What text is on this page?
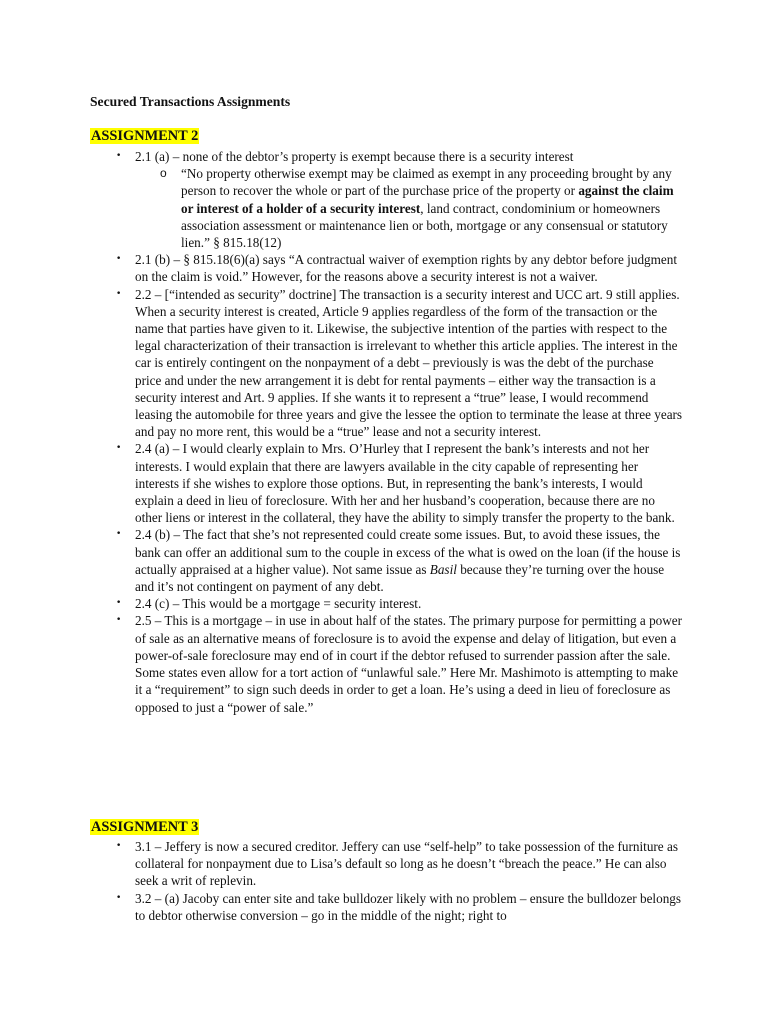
Secured Transactions Assignments
ASSIGNMENT 2
• 2.1 (a) – none of the debtor’s property is exempt because there is a security interest
o “No property otherwise exempt may be claimed as exempt in any proceeding brought by any person to recover the whole or part of the purchase price of the property or against the claim or interest of a holder of a security interest, land contract, condominium or homeowners association assessment or maintenance lien or both, mortgage or any consensual or statutory lien.” § 815.18(12)
• 2.1 (b) – § 815.18(6)(a) says “A contractual waiver of exemption rights by any debtor before judgment on the claim is void.” However, for the reasons above a security interest is not a waiver.
• 2.2 – [“intended as security” doctrine] The transaction is a security interest and UCC art. 9 still applies. When a security interest is created, Article 9 applies regardless of the form of the transaction or the name that parties have given to it. Likewise, the subjective intention of the parties with respect to the legal characterization of their transaction is irrelevant to whether this article applies. The interest in the car is entirely contingent on the nonpayment of a debt – previously is was the debt of the purchase price and under the new arrangement it is debt for rental payments – either way the transaction is a security interest and Art. 9 applies. If she wants it to represent a “true” lease, I would recommend leasing the automobile for three years and give the lessee the option to terminate the lease at three years and pay no more rent, this would be a “true” lease and not a security interest.
• 2.4 (a) – I would clearly explain to Mrs. O’Hurley that I represent the bank’s interests and not her interests. I would explain that there are lawyers available in the city capable of representing her interests if she wishes to explore those options. But, in representing the bank’s interests, I would explain a deed in lieu of foreclosure. With her and her husband’s cooperation, because there are no other liens or interest in the collateral, they have the ability to simply transfer the property to the bank.
• 2.4 (b) – The fact that she’s not represented could create some issues. But, to avoid these issues, the bank can offer an additional sum to the couple in excess of the what is owed on the loan (if the house is actually appraised at a higher value). Not same issue as Basil because they’re turning over the house and it’s not contingent on payment of any debt.
• 2.4 (c) – This would be a mortgage = security interest.
• 2.5 – This is a mortgage – in use in about half of the states. The primary purpose for permitting a power of sale as an alternative means of foreclosure is to avoid the expense and delay of litigation, but even a power-of-sale foreclosure may end of in court if the debtor refused to surrender passion after the sale. Some states even allow for a tort action of “unlawful sale.” Here Mr. Mashimoto is attempting to make it a “requirement” to sign such deeds in order to get a loan. He’s using a deed in lieu of foreclosure as opposed to just a “power of sale.”
ASSIGNMENT 3
• 3.1 – Jeffery is now a secured creditor. Jeffery can use “self-help” to take possession of the furniture as collateral for nonpayment due to Lisa’s default so long as he doesn’t “breach the peace.” He can also seek a writ of replevin.
• 3.2 – (a) Jacoby can enter site and take bulldozer likely with no problem – ensure the bulldozer belongs to debtor otherwise conversion – go in the middle of the night; right to
